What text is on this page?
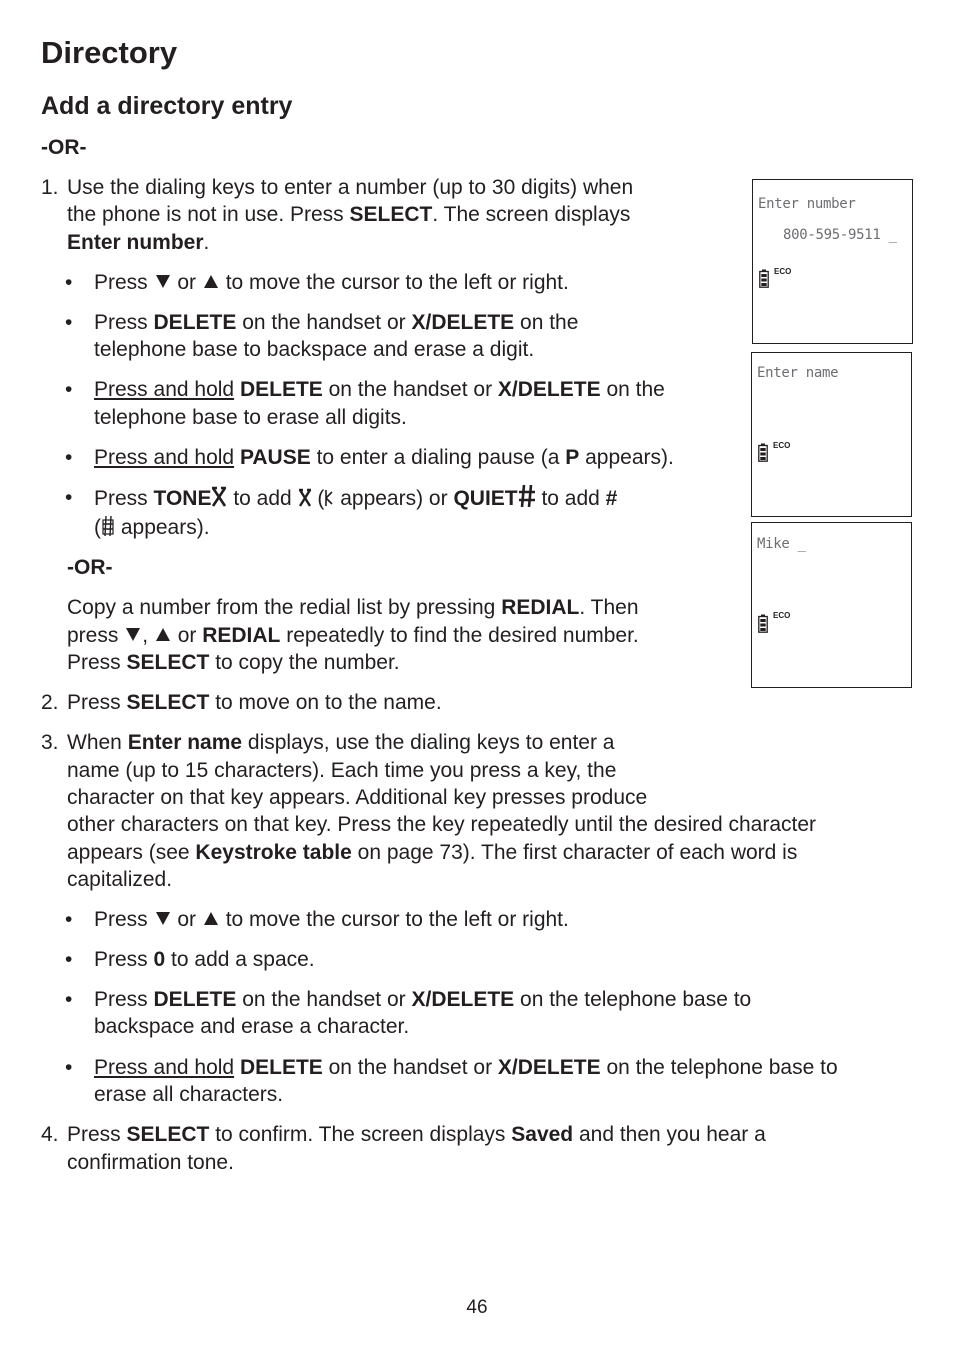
Directory
Add a directory entry
-OR-
1. Use the dialing keys to enter a number (up to 30 digits) when
the phone is not in use. Press SELECT. The screen displays
Enter number.
• Press  or  to move the cursor to the left or right.
• Press DELETE on the handset or X/DELETE on the
telephone base to backspace and erase a digit.
• Press and hold DELETE on the handset or X/DELETE on the
telephone base to erase all digits.
• Press and hold PAUSE to enter a dialing pause (a P appears).
• Press TONE to add  ( appears) or QUIET to add #
( appears).
-OR-
Copy a number from the redial list by pressing REDIAL. Then
press ,  or REDIAL repeatedly to find the desired number.
Press SELECT to copy the number.
2. Press SELECT to move on to the name.
3. When Enter name displays, use the dialing keys to enter a
name (up to 15 characters). Each time you press a key, the
character on that key appears. Additional key presses produce
other characters on that key. Press the key repeatedly until the desired character
appears (see Keystroke table on page 73). The first character of each word is
capitalized.
• Press  or  to move the cursor to the left or right.
• Press 0 to add a space.
• Press DELETE on the handset or X/DELETE on the telephone base to
backspace and erase a character.
• Press and hold DELETE on the handset or X/DELETE on the telephone base to
erase all characters.
4. Press SELECT to confirm. The screen displays Saved and then you hear a
confirmation tone.
Enter number
800-595-9511 _
ECO
Enter name
ECO
Mike _
ECO
46
